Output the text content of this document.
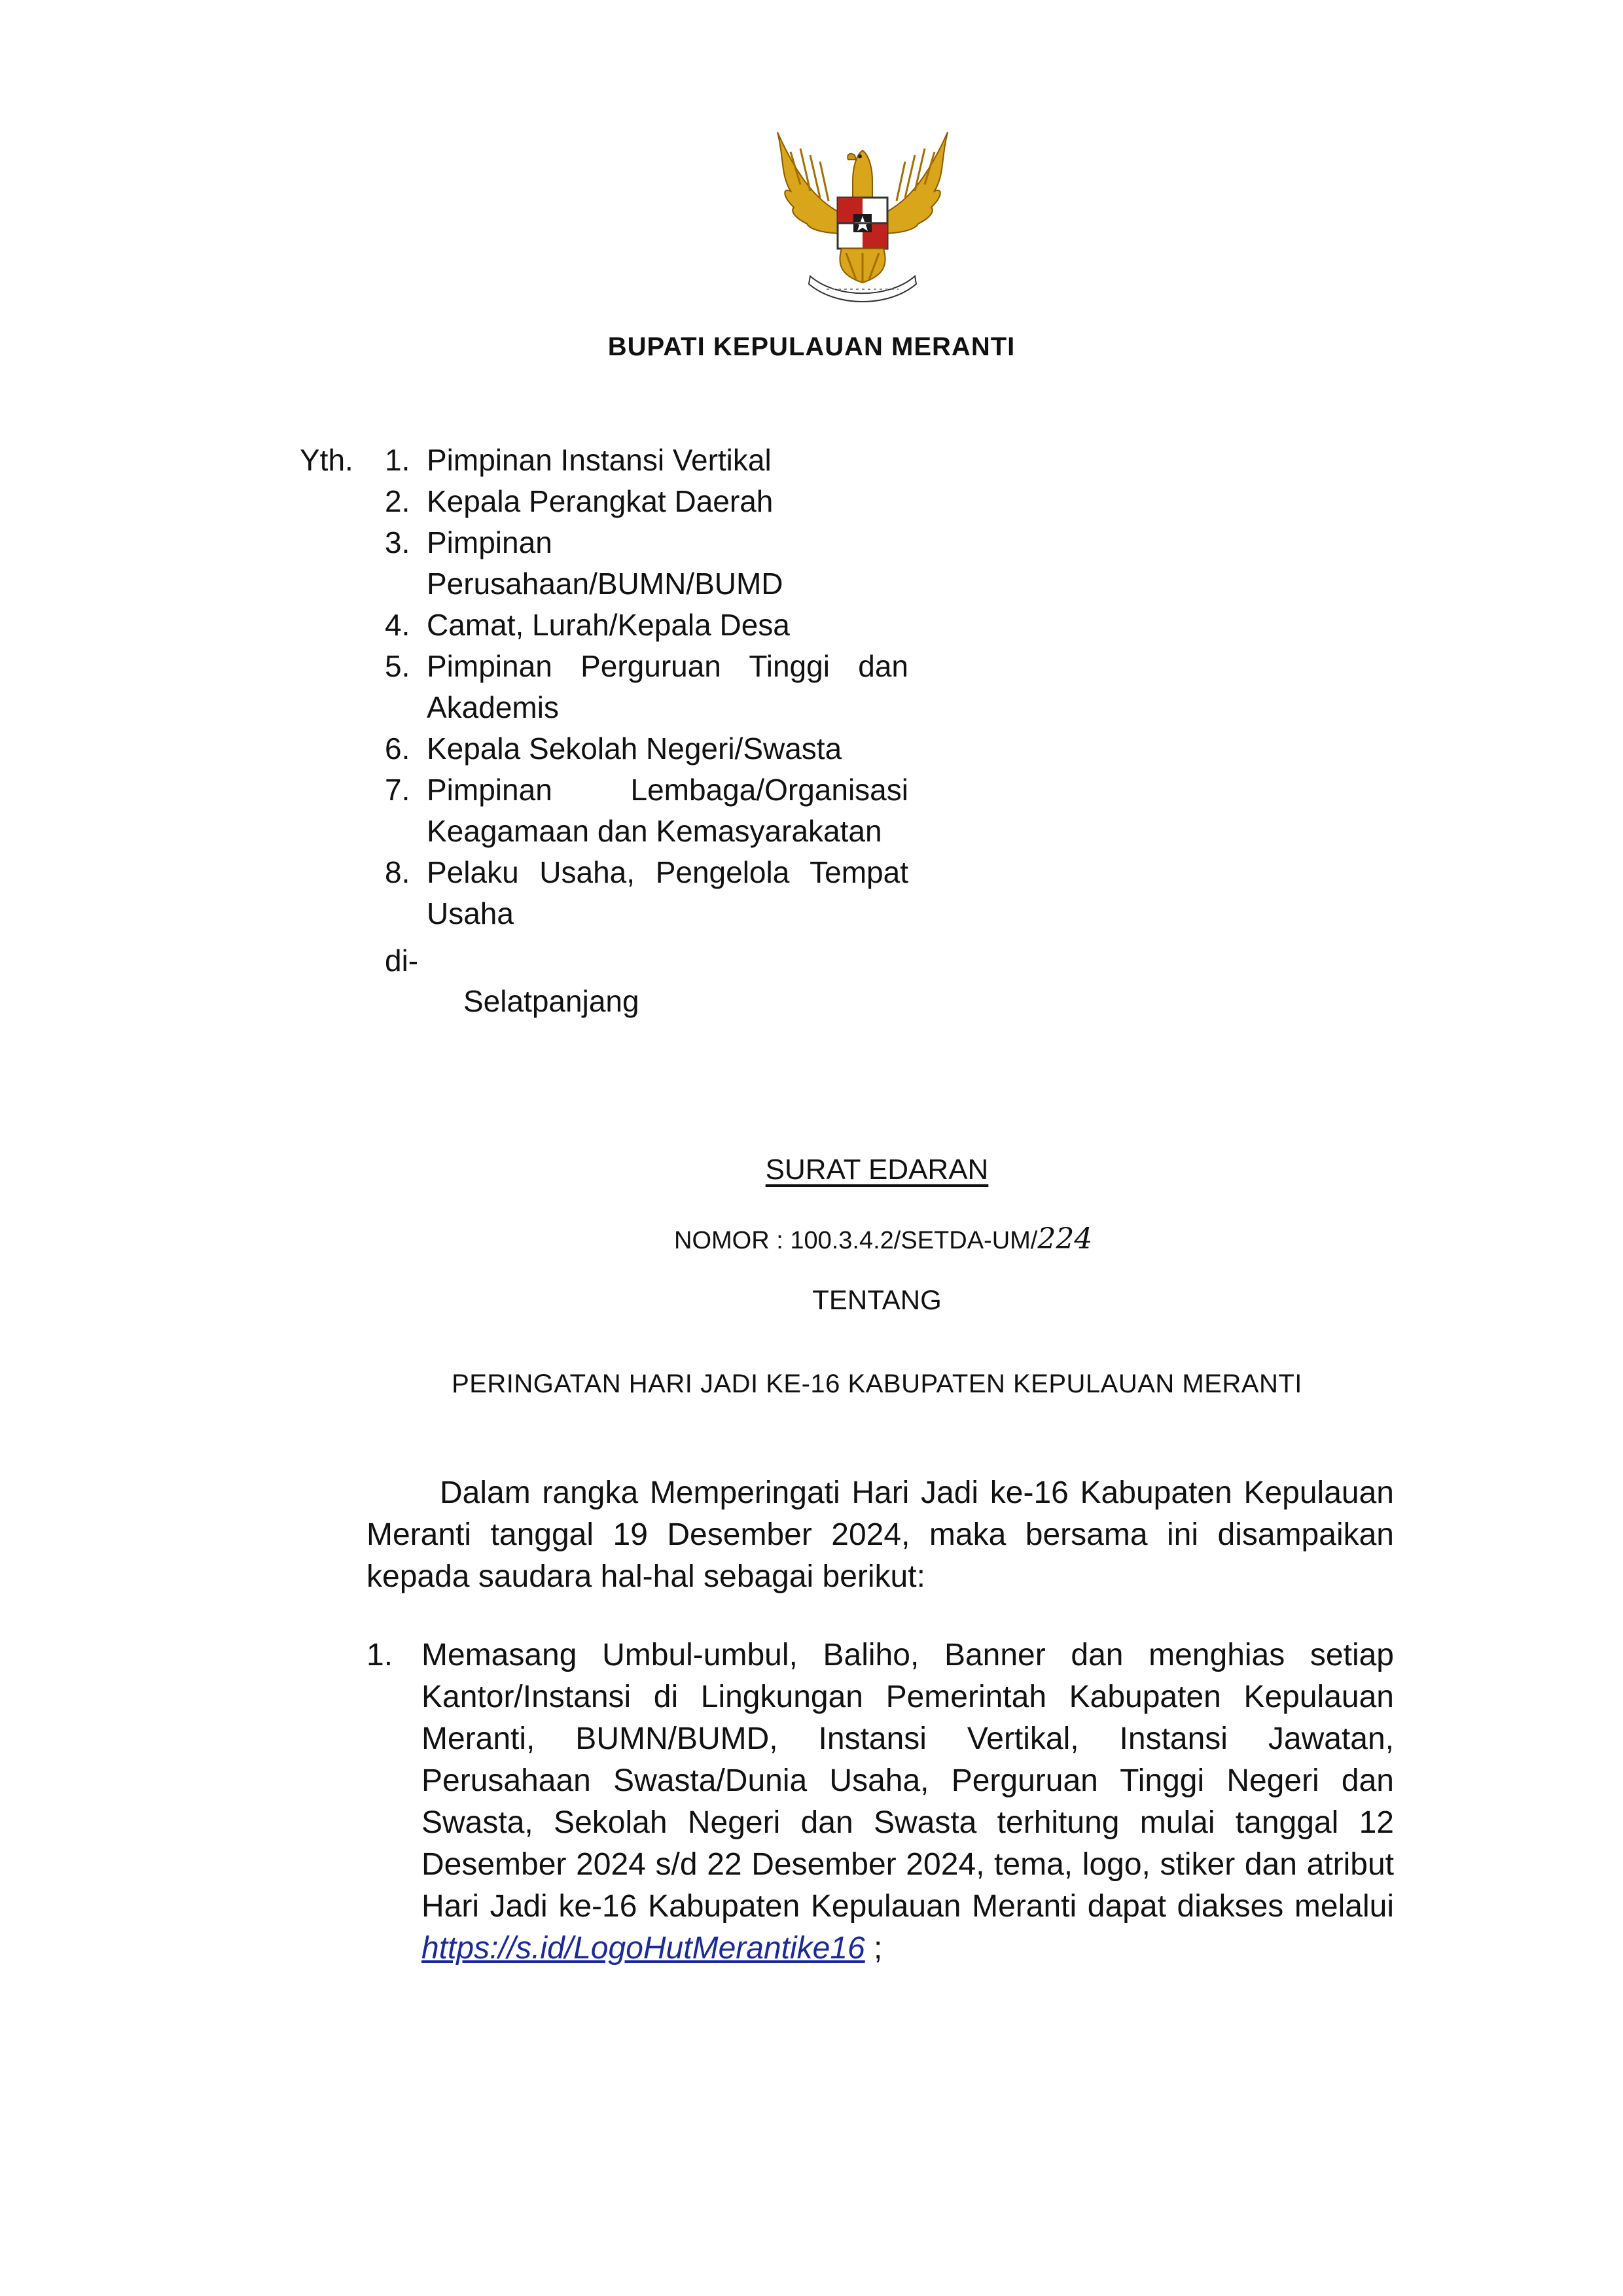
BUPATI KEPULAUAN MERANTI
Yth. 1. Pimpinan Instansi Vertikal
2. Kepala Perangkat Daerah
3. Pimpinan Perusahaan/BUMN/BUMD
4. Camat, Lurah/Kepala Desa
5. Pimpinan Perguruan Tinggi dan Akademis
6. Kepala Sekolah Negeri/Swasta
7. Pimpinan Lembaga/Organisasi Keagamaan dan Kemasyarakatan
8. Pelaku Usaha, Pengelola Tempat Usaha
di-
Selatpanjang
SURAT EDARAN
NOMOR : 100.3.4.2/SETDA-UM/224
TENTANG
PERINGATAN HARI JADI KE-16 KABUPATEN KEPULAUAN MERANTI

Dalam rangka Memperingati Hari Jadi ke-16 Kabupaten Kepulauan Meranti tanggal 19 Desember 2024, maka bersama ini disampaikan kepada saudara hal-hal sebagai berikut:

1. Memasang Umbul-umbul, Baliho, Banner dan menghias setiap Kantor/Instansi di Lingkungan Pemerintah Kabupaten Kepulauan Meranti, BUMN/BUMD, Instansi Vertikal, Instansi Jawatan, Perusahaan Swasta/Dunia Usaha, Perguruan Tinggi Negeri dan Swasta, Sekolah Negeri dan Swasta terhitung mulai tanggal 12 Desember 2024 s/d 22 Desember 2024, tema, logo, stiker dan atribut Hari Jadi ke-16 Kabupaten Kepulauan Meranti dapat diakses melalui https://s.id/LogoHutMerantike16 ;
